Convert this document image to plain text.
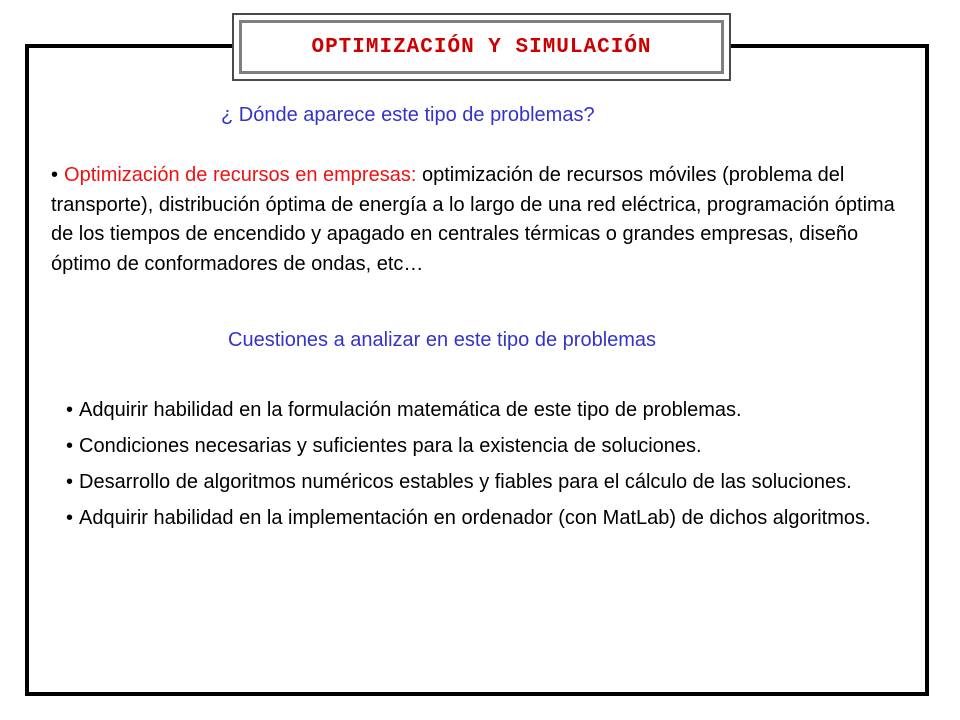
OPTIMIZACIÓN Y SIMULACIÓN
¿ Dónde aparece este tipo de problemas?
• Optimización de recursos en empresas: optimización de recursos móviles (problema del transporte), distribución óptima de energía a lo largo de una red eléctrica, programación óptima de los tiempos de encendido y apagado en centrales térmicas o grandes empresas, diseño óptimo de conformadores de ondas, etc…
Cuestiones a analizar en este tipo de problemas
• Adquirir habilidad en la formulación matemática de este tipo de problemas.
• Condiciones necesarias y suficientes para la existencia de soluciones.
• Desarrollo de algoritmos numéricos estables y fiables para el cálculo de las soluciones.
• Adquirir habilidad en la implementación en ordenador (con MatLab) de dichos algoritmos.
